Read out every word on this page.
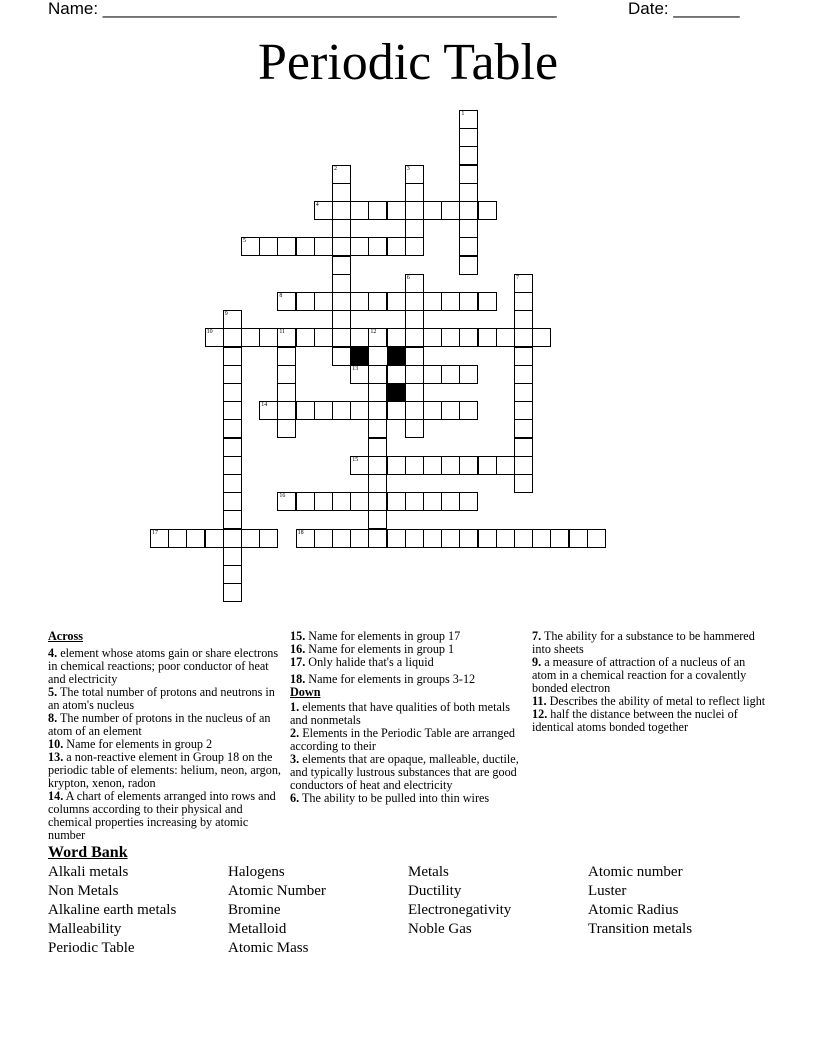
Name: ________________________________________________	Date: _______
Periodic Table
1
2	3
4
5
6	7
8
9
10	11	12
13
14
15
16
17	18

Across

4. element whose atoms gain or share electrons in chemical reactions; poor conductor of heat and electricity

5. The total number of protons and neutrons in an atom's nucleus

8. The number of protons in the nucleus of an atom of an element

10. Name for elements in group 2

13. a non-reactive element in Group 18 on the periodic table of elements: helium, neon, argon, krypton, xenon, radon

14. A chart of elements arranged into rows and columns according to their physical and chemical properties increasing by atomic number

15. Name for elements in group 17

16. Name for elements in group 1

17. Only halide that's a liquid

18. Name for elements in groups 3-12

Down

1. elements that have qualities of both metals and nonmetals

2. Elements in the Periodic Table are arranged according to their

3. elements that are opaque, malleable, ductile, and typically lustrous substances that are good conductors of heat and electricity

6. The ability to be pulled into thin wires

7. The ability for a substance to be hammered into sheets

9. a measure of attraction of a nucleus of an atom in a chemical reaction for a covalently bonded electron

11. Describes the ability of metal to reflect light

12. half the distance between the nuclei of identical atoms bonded together

Word Bank
Alkali metals
Non Metals
Alkaline earth metals
Malleability
Periodic Table
Halogens
Atomic Number
Bromine
Metalloid
Atomic Mass
Metals
Ductility
Electronegativity
Noble Gas
Atomic number
Luster
Atomic Radius
Transition metals
